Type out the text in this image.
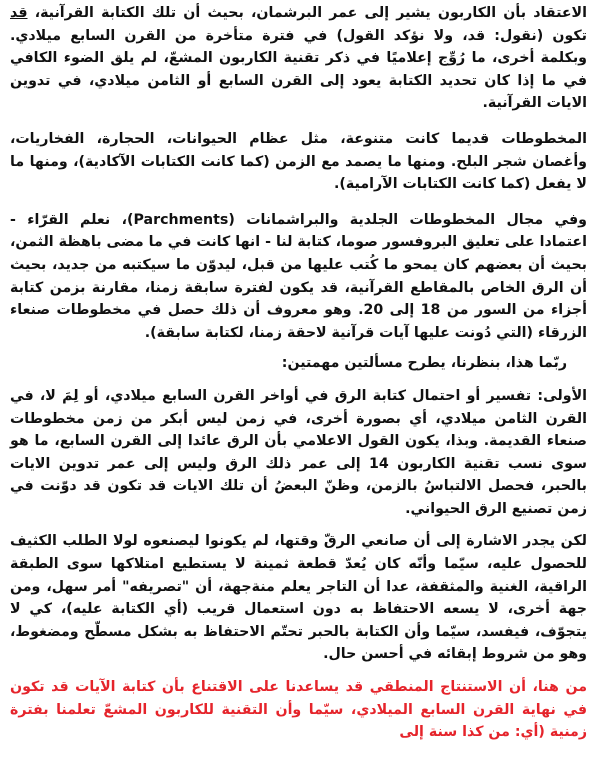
الاعتقاد بأن الكاربون يشير إلى عمر البرشمان، بحيث أن تلك الكتابة القرآنية، قد تكون (نقول: قد، ولا نؤكد القول) في فترة متأخرة من القرن السابع ميلادي. وبكلمة أخرى، ما رُوِّج إعلاميًا في ذكر تقنية الكاربون المشعّ، لم يلق الضوء الكافي في ما إذا كان تحديد الكتابة يعود إلى القرن السابع أو الثامن ميلادي، في تدوين الايات القرآنية.

المخطوطات قديما كانت متنوعة، مثل عظام الحيوانات، الحجارة، الفخاريات، وأغصان شجر البلح. ومنها ما يصمد مع الزمن (كما كانت الكتابات الآكادية)، ومنها ما لا يفعل (كما كانت الكتابات الآرامية).

وفي مجال المخطوطات الجلدية والبراشمانات (Parchments)، نعلم القرّاء - اعتمادا على تعليق البروفسور صوما، كتابة لنا - انها كانت في ما مضى باهظة الثمن، بحيث أن بعضهم كان يمحو ما كُتب عليها من قبل، ليدوّن ما سيكتبه من جديد، بحيث أن الرق الخاص بالمقاطع القرآنية، قد يكون لفترة سابقة زمنا، مقارنة بزمن كتابة أجزاء من السور من 18 إلى 20. وهو معروف أن ذلك حصل في مخطوطات صنعاء الزرقاء (التي دُونت عليها آيات قرآنية لاحقة زمنا، لكتابة سابقة).

ربّما هذا، بنظرنا، يطرح مسألتين مهمتين:

الأولى: تفسير أو احتمال كتابة الرق في أواخر القرن السابع ميلادي، أو لِمَ لا، في القرن الثامن ميلادي، أي بصورة أخرى، في زمن ليس أبكر من زمن مخطوطات صنعاء القديمة. وبذا، يكون القول الاعلامي بأن الرق عائدا إلى القرن السابع، ما هو سوى نسب تقنية الكاربون 14 إلى عمر ذلك الرق وليس إلى عمر تدوين الايات بالحبر، فحصل الالتباسُ بالزمن، وظنّ البعضُ أن تلك الايات قد تكون قد دوّنت في زمن تصنيع الرق الحيواني.

لكن يجدر الاشارة إلى أن صانعي الرقّ وقتها، لم يكونوا ليصنعوه لولا الطلب الكثيف للحصول عليه، سيّما وأنّه كان يُعدّ قطعة ثمينة لا يستطيع امتلاكها سوى الطبقة الراقية، الغنية والمثقفة، عدا أن التاجر يعلم منةجهة، أن "تصريفه" أمر سهل، ومن جهة أخرى، لا يسعه الاحتفاظ به دون استعمال قريب (أي الكتابة عليه)، كي لا يتجوّف، فيفسد، سيّما وأن الكتابة بالحبر تحتّم الاحتفاظ به بشكل مسطّح ومضغوط، وهو من شروط إبقائه في أحسن حال.

من هنا، أن الاستنتاج المنطقي قد يساعدنا على الاقتناع بأن كتابة الآيات قد تكون في نهاية القرن السابع الميلادي، سيّما وأن التقنية للكاربون المشعّ تعلمنا بفترة زمنية (أي: من كذا سنة إلى
